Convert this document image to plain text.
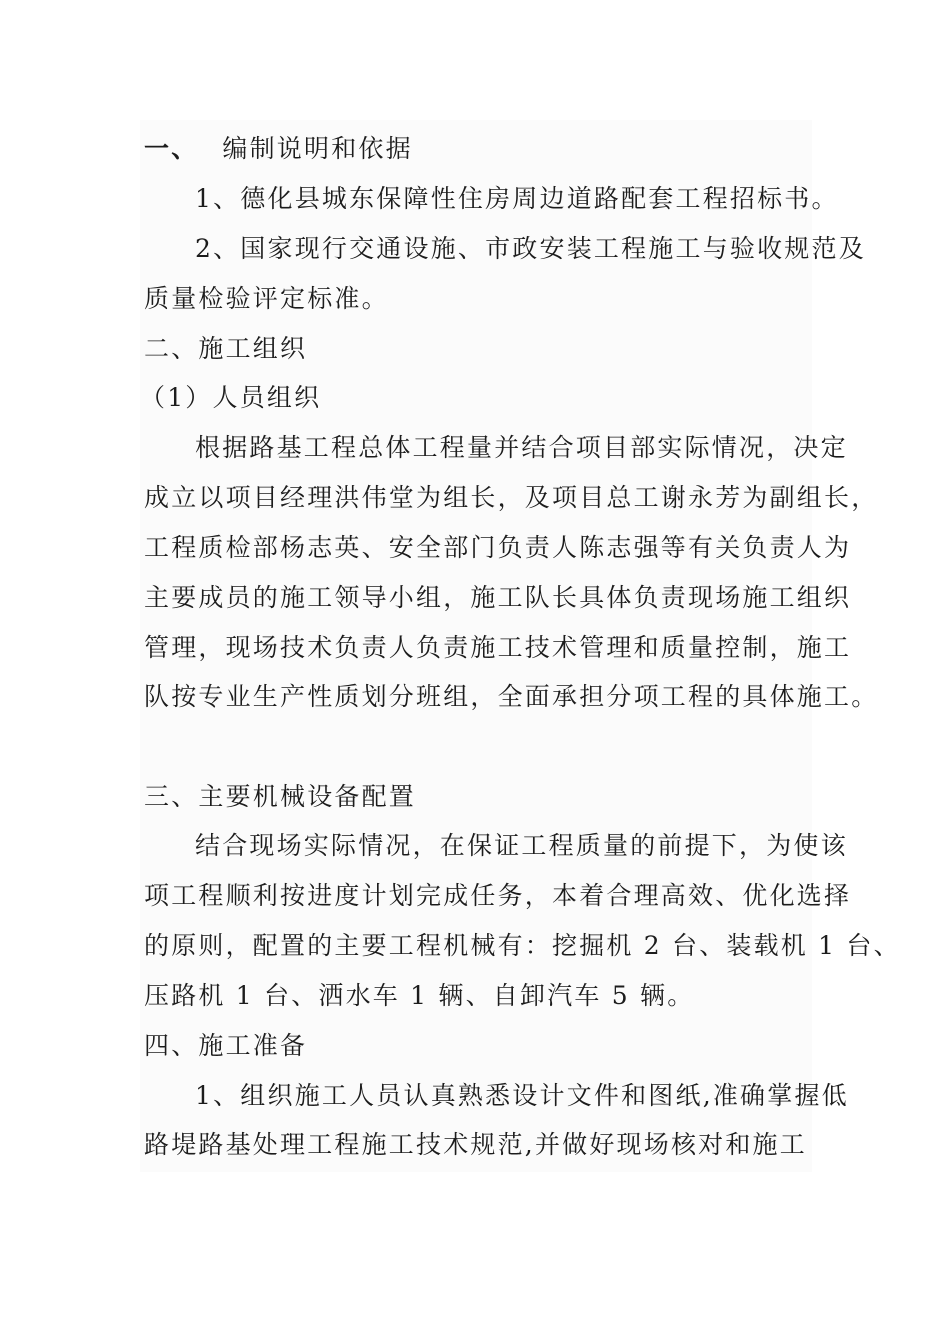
一、 编制说明和依据
1、德化县城东保障性住房周边道路配套工程招标书。
2、国家现行交通设施、市政安装工程施工与验收规范及
质量检验评定标准。
二、施工组织
（1）人员组织
根据路基工程总体工程量并结合项目部实际情况，决定
成立以项目经理洪伟堂为组长，及项目总工谢永芳为副组长，
工程质检部杨志英、安全部门负责人陈志强等有关负责人为
主要成员的施工领导小组，施工队长具体负责现场施工组织
管理，现场技术负责人负责施工技术管理和质量控制，施工
队按专业生产性质划分班组，全面承担分项工程的具体施工。
三、主要机械设备配置
结合现场实际情况，在保证工程质量的前提下，为使该
项工程顺利按进度计划完成任务，本着合理高效、优化选择
的原则，配置的主要工程机械有：挖掘机 2 台、装载机 1 台、
压路机 1 台、洒水车 1 辆、自卸汽车 5 辆。
四、施工准备
1、组织施工人员认真熟悉设计文件和图纸,准确掌握低
路堤路基处理工程施工技术规范,并做好现场核对和施工
